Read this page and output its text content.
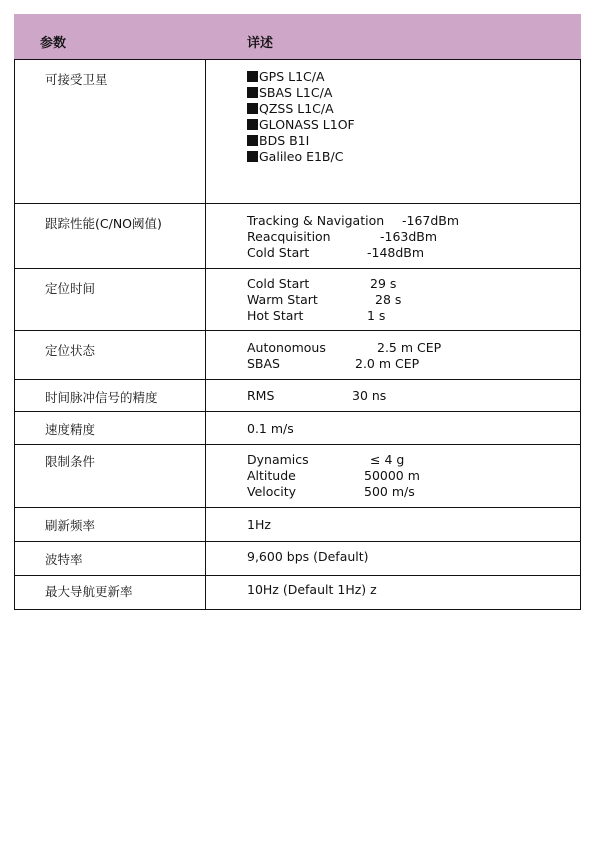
参数	详述
可接受卫星	GPS L1C/A
SBAS L1C/A
QZSS L1C/A
GLONASS L1OF
BDS B1I
Galileo E1B/C
跟踪性能(C/NO阈值)	Tracking & Navigation -167dBm
Reacquisition	-163dBm
Cold Start	-148dBm
定位时间	Cold Start	29 s
Warm Start	28 s
Hot Start	1 s
定位状态	Autonomous	2.5 m CEP
SBAS	2.0 m CEP
时间脉冲信号的精度	RMS	30 ns
速度精度	0.1 m/s
限制条件	Dynamics	≤ 4 g
Altitude	50000 m
Velocity	500 m/s
刷新频率	1Hz
波特率	9,600 bps (Default)
最大导航更新率	10Hz (Default 1Hz) z
